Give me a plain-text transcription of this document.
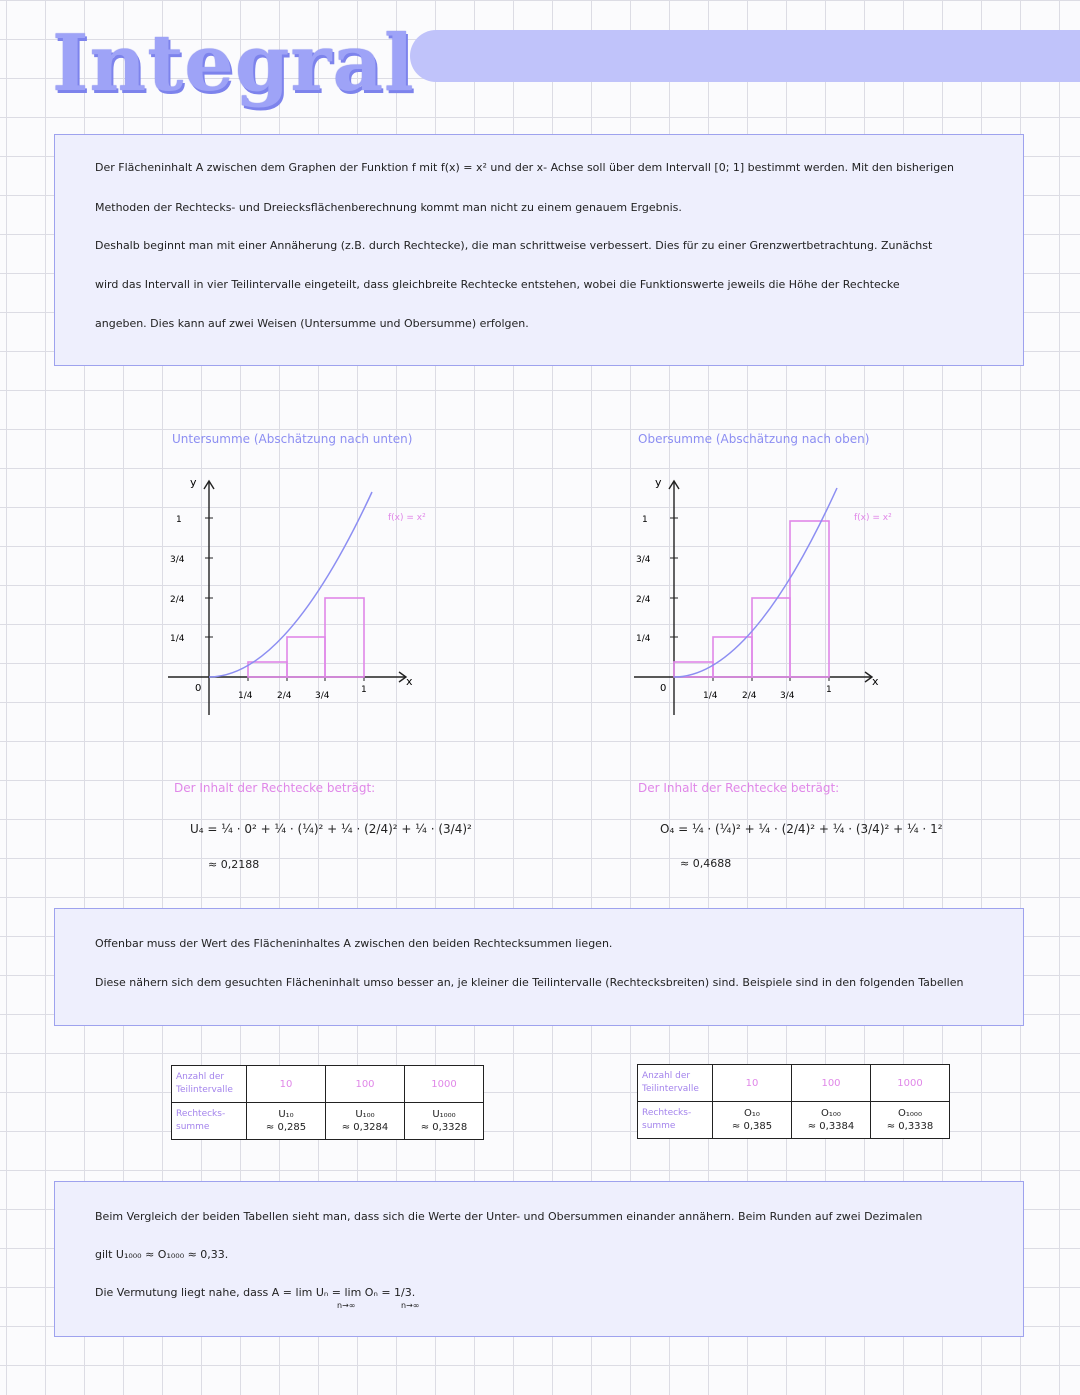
Integral

Der Flächeninhalt A zwischen dem Graphen der Funktion f mit f(x) = x² und der x- Achse soll über dem Intervall [0; 1] bestimmt werden. Mit den bisherigen

Methoden der Rechtecks- und Dreiecksflächenberechnung kommt man nicht zu einem genauem Ergebnis.

Deshalb beginnt man mit einer Annäherung (z.B. durch Rechtecke), die man schrittweise verbessert. Dies für zu einer Grenzwertbetrachtung. Zunächst

wird das Intervall in vier Teilintervalle eingeteilt, dass gleichbreite Rechtecke entstehen, wobei die Funktionswerte jeweils die Höhe der Rechtecke

angeben. Dies kann auf zwei Weisen (Untersumme und Obersumme) erfolgen.

Untersumme (Abschätzung nach unten)	Obersumme (Abschätzung nach oben)
y
x
0
1
3/4
2/4
1/4
1/4	2/4	3/4
1
f(x) = x²
y
x
0
1
3/4
2/4
1/4
1/4	2/4	3/4
1
f(x) = x²
Der Inhalt der Rechtecke beträgt:	Der Inhalt der Rechtecke beträgt:
U₄ = ¼ · 0² + ¼ · (¼)² + ¼ · (2/4)² + ¼ · (3/4)²	O₄ = ¼ · (¼)² + ¼ · (2/4)² + ¼ · (3/4)² + ¼ · 1²
≈ 0,2188	≈ 0,4688

Offenbar muss der Wert des Flächeninhaltes A zwischen den beiden Rechtecksummen liegen.

Diese nähern sich dem gesuchten Flächeninhalt umso besser an, je kleiner die Teilintervalle (Rechtecksbreiten) sind. Beispiele sind in den folgenden Tabellen

Anzahl der
Teilintervalle	10	100	1000
Rechtecks-
summe	U₁₀
≈ 0,285	U₁₀₀
≈ 0,3284	U₁₀₀₀
≈ 0,3328
Anzahl der
Teilintervalle	10	100	1000
Rechtecks-
summe	O₁₀
≈ 0,385	O₁₀₀
≈ 0,3384	O₁₀₀₀
≈ 0,3338

Beim Vergleich der beiden Tabellen sieht man, dass sich die Werte der Unter- und Obersummen einander annähern. Beim Runden auf zwei Dezimalen

gilt U₁₀₀₀ ≈ O₁₀₀₀ ≈ 0,33.

Die Vermutung liegt nahe, dass A = lim Uₙ = lim Oₙ = 1/3.

n→∞	n→∞
